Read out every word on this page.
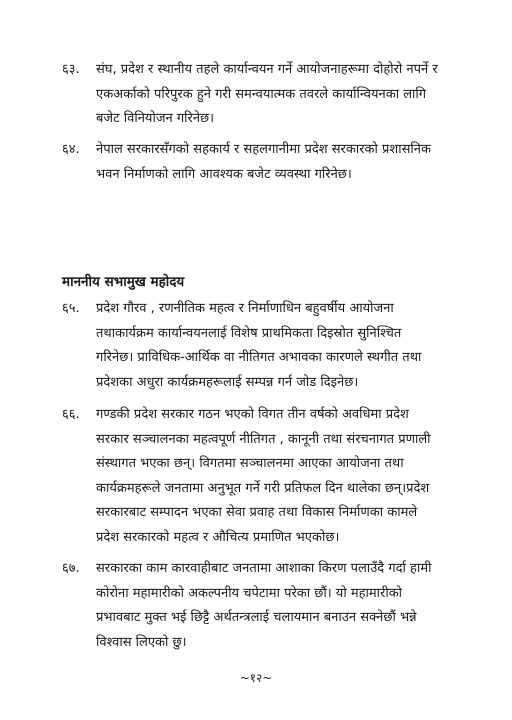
६३. संघ, प्रदेश र स्थानीय तहले कार्यान्वयन गर्ने आयोजनाहरूमा दोहोरो नपर्ने र
एकअर्काको परिपुरक हुने गरी समन्वयात्मक तवरले कार्यान्वियनका लागि
बजेट विनियोजन गरिनेछ।
६४. नेपाल सरकारसँगको सहकार्य र सहलगानीमा प्रदेश सरकारको प्रशासनिक
भवन निर्माणको लागि आवश्यक बजेट व्यवस्था गरिनेछ।
माननीय सभामुख महोदय
६५. प्रदेश गौरव , रणनीतिक महत्व र निर्माणाधिन बहुवर्षीय आयोजना
तथाकार्यक्रम कार्यान्वयनलाई विशेष प्राथमिकता दिइस्रोत सुनिश्चित
गरिनेछ। प्राविधिक-आर्थिक वा नीतिगत अभावका कारणले स्थगीत तथा
प्रदेशका अधुरा कार्यक्रमहरूलाई सम्पन्न गर्न जोड दिइनेछ।
६६. गण्डकी प्रदेश सरकार गठन भएको विगत तीन वर्षको अवधिमा प्रदेश
सरकार सञ्चालनका महत्वपूर्ण नीतिगत , कानूनी तथा संरचनागत प्रणाली
संस्थागत भएका छन्। विगतमा सञ्चालनमा आएका आयोजना तथा
कार्यक्रमहरूले जनतामा अनुभूत गर्ने गरी प्रतिफल दिन थालेका छन्।प्रदेश
सरकारबाट सम्पादन भएका सेवा प्रवाह तथा विकास निर्माणका कामले
प्रदेश सरकारको महत्व र औचित्य प्रमाणित भएकोछ।
६७. सरकारका काम कारवाहीबाट जनतामा आशाका किरण पलाउँदै गर्दा हामी
कोरोना महामारीको अकल्पनीय चपेटामा परेका छौं। यो महामारीको
प्रभावबाट मुक्त भई छिट्टै अर्थतन्त्रलाई चलायमान बनाउन सक्नेछौं भन्ने
विश्वास लिएको छु।
~१२~
